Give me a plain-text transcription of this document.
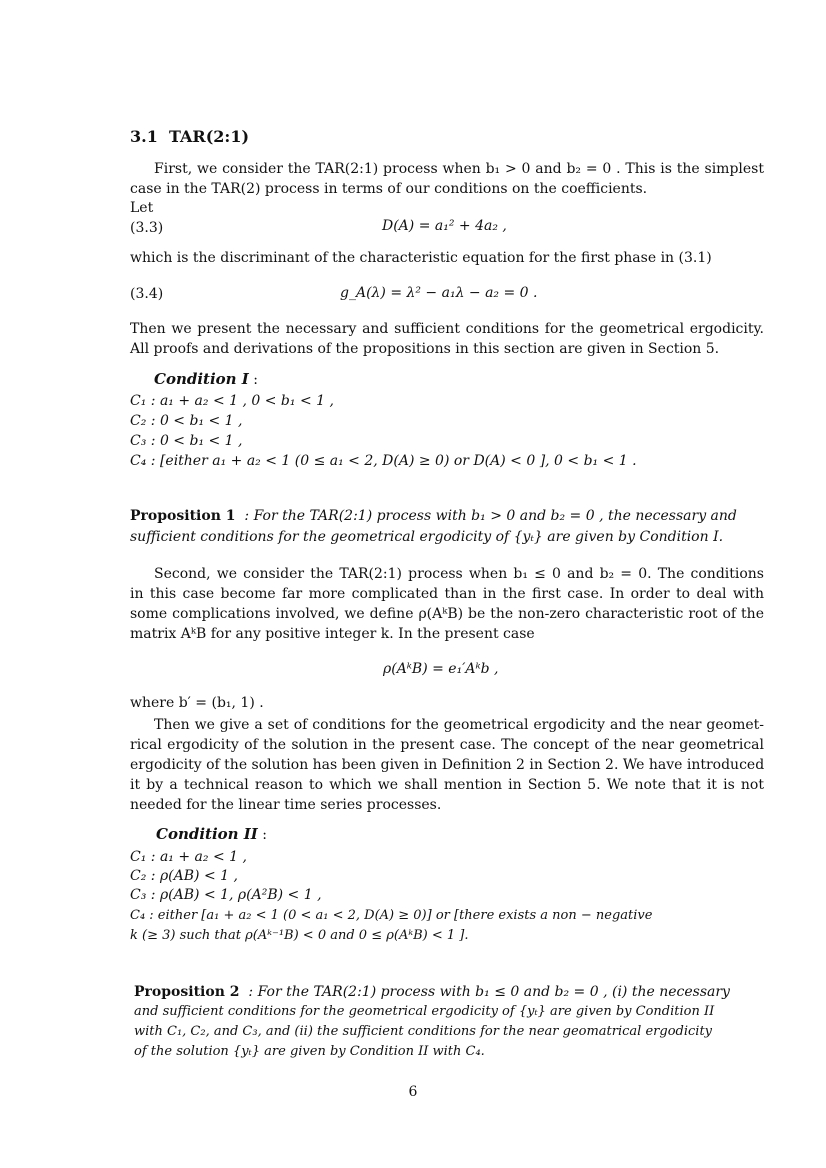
3.1 TAR(2:1)
First, we consider the TAR(2:1) process when b₁ > 0 and b₂ = 0 . This is the simplest
case in the TAR(2) process in terms of our conditions on the coefficients.
Let
(3.3)	D(A) = a₁² + 4a₂ ,
which is the discriminant of the characteristic equation for the first phase in (3.1)
(3.4)	g_A(λ) = λ² − a₁λ − a₂ = 0 .
Then we present the necessary and sufficient conditions for the geometrical ergodicity.
All proofs and derivations of the propositions in this section are given in Section 5.
Condition I :
C₁ : a₁ + a₂ < 1 , 0 < b₁ < 1 ,
C₂ : 0 < b₁ < 1 ,
C₃ : 0 < b₁ < 1 ,
C₄ : [either a₁ + a₂ < 1 (0 ≤ a₁ < 2, D(A) ≥ 0) or D(A) < 0 ], 0 < b₁ < 1 .
Proposition 1 : For the TAR(2:1) process with b₁ > 0 and b₂ = 0 , the necessary and
sufficient conditions for the geometrical ergodicity of {yₜ} are given by Condition I.
Second, we consider the TAR(2:1) process when b₁ ≤ 0 and b₂ = 0. The conditions
in this case become far more complicated than in the first case. In order to deal with
some complications involved, we define ρ(AᵏB) be the non-zero characteristic root of the
matrix AᵏB for any positive integer k. In the present case
ρ(AᵏB) = e₁′Aᵏb ,
where b′ = (b₁, 1) .
Then we give a set of conditions for the geometrical ergodicity and the near geomet-
rical ergodicity of the solution in the present case. The concept of the near geometrical
ergodicity of the solution has been given in Definition 2 in Section 2. We have introduced
it by a technical reason to which we shall mention in Section 5. We note that it is not
needed for the linear time series processes.
Condition II :
C₁ : a₁ + a₂ < 1 ,
C₂ : ρ(AB) < 1 ,
C₃ : ρ(AB) < 1, ρ(A²B) < 1 ,
C₄ : either [a₁ + a₂ < 1 (0 < a₁ < 2, D(A) ≥ 0)] or [there exists a non − negative
k (≥ 3) such that ρ(Aᵏ⁻¹B) < 0 and 0 ≤ ρ(AᵏB) < 1 ].
Proposition 2 : For the TAR(2:1) process with b₁ ≤ 0 and b₂ = 0 , (i) the necessary
and sufficient conditions for the geometrical ergodicity of {yₜ} are given by Condition II
with C₁, C₂, and C₃, and (ii) the sufficient conditions for the near geomatrical ergodicity
of the solution {yₜ} are given by Condition II with C₄.
6
